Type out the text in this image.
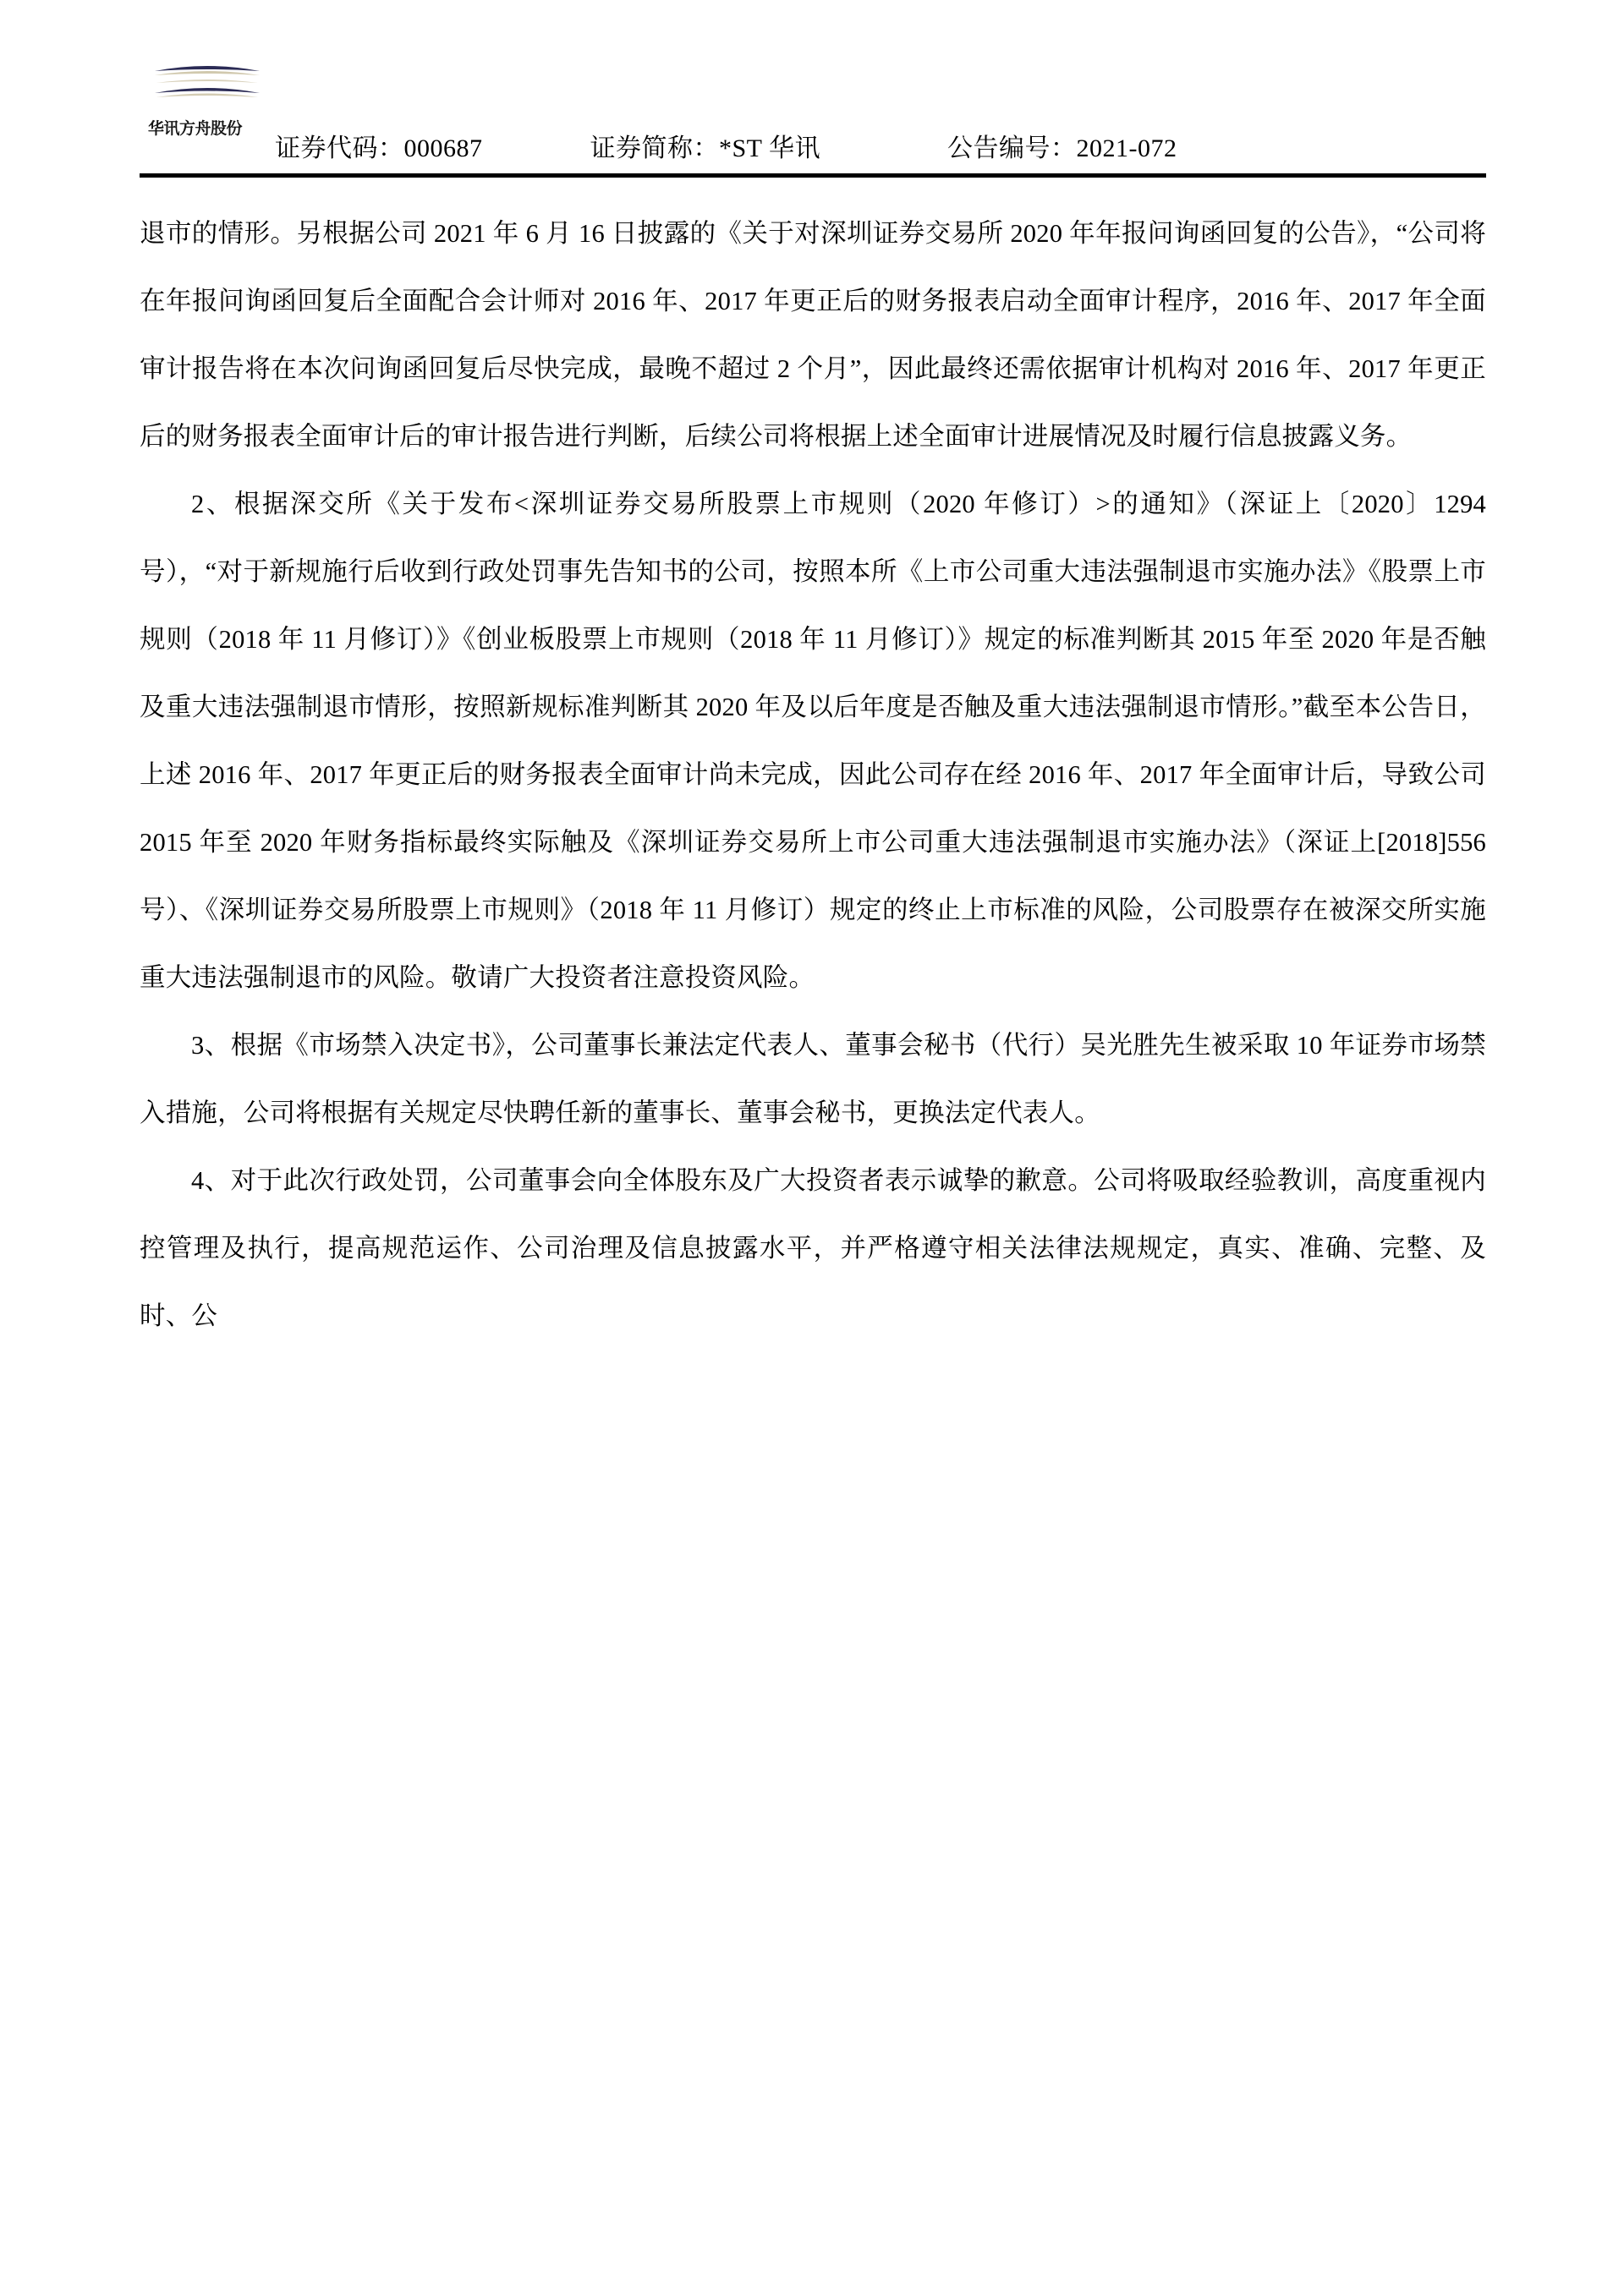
华讯方舟股份
证券代码：000687	证券简称：*ST 华讯	公告编号：2021-072

退市的情形。另根据公司 2021 年 6 月 16 日披露的《关于对深圳证券交易所 2020 年年报问询函回复的公告》，“公司将在年报问询函回复后全面配合会计师对 2016 年、2017 年更正后的财务报表启动全面审计程序，2016 年、2017 年全面审计报告将在本次问询函回复后尽快完成，最晚不超过 2 个月”，因此最终还需依据审计机构对 2016 年、2017 年更正后的财务报表全面审计后的审计报告进行判断，后续公司将根据上述全面审计进展情况及时履行信息披露义务。

2、根据深交所《关于发布<深圳证券交易所股票上市规则（2020 年修订）>的通知》（深证上〔2020〕1294 号），“对于新规施行后收到行政处罚事先告知书的公司，按照本所《上市公司重大违法强制退市实施办法》《股票上市规则（2018 年 11 月修订）》《创业板股票上市规则（2018 年 11 月修订）》规定的标准判断其 2015 年至 2020 年是否触及重大违法强制退市情形，按照新规标准判断其 2020 年及以后年度是否触及重大违法强制退市情形。”截至本公告日，上述 2016 年、2017 年更正后的财务报表全面审计尚未完成，因此公司存在经 2016 年、2017 年全面审计后，导致公司 2015 年至 2020 年财务指标最终实际触及《深圳证券交易所上市公司重大违法强制退市实施办法》（深证上[2018]556 号）、《深圳证券交易所股票上市规则》（2018 年 11 月修订）规定的终止上市标准的风险，公司股票存在被深交所实施重大违法强制退市的风险。敬请广大投资者注意投资风险。

3、根据《市场禁入决定书》，公司董事长兼法定代表人、董事会秘书（代行）吴光胜先生被采取 10 年证券市场禁入措施，公司将根据有关规定尽快聘任新的董事长、董事会秘书，更换法定代表人。

4、对于此次行政处罚，公司董事会向全体股东及广大投资者表示诚挚的歉意。公司将吸取经验教训，高度重视内控管理及执行，提高规范运作、公司治理及信息披露水平，并严格遵守相关法律法规规定，真实、准确、完整、及时、公
